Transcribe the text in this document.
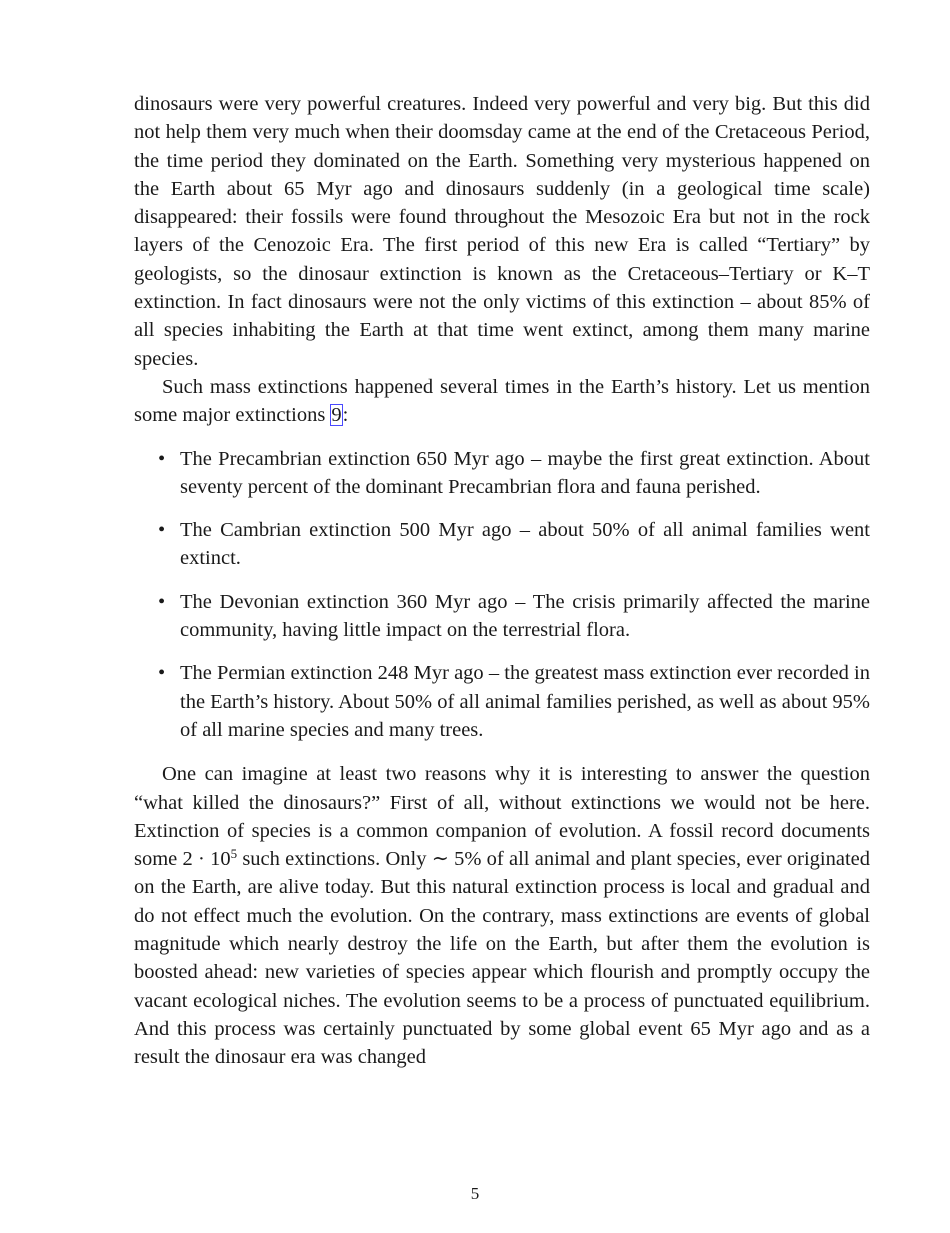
dinosaurs were very powerful creatures. Indeed very powerful and very big. But this did not help them very much when their doomsday came at the end of the Cretaceous Period, the time period they dominated on the Earth. Something very mysterious happened on the Earth about 65 Myr ago and dinosaurs suddenly (in a geological time scale) disappeared: their fossils were found throughout the Mesozoic Era but not in the rock layers of the Cenozoic Era. The first period of this new Era is called “Tertiary” by geologists, so the dinosaur extinction is known as the Cretaceous–Tertiary or K–T extinction. In fact dinosaurs were not the only victims of this extinction – about 85% of all species inhabiting the Earth at that time went extinct, among them many marine species.

Such mass extinctions happened several times in the Earth’s history. Let us mention some major extinctions 9:

• The Precambrian extinction 650 Myr ago – maybe the first great extinction. About seventy percent of the dominant Precambrian flora and fauna perished.
• The Cambrian extinction 500 Myr ago – about 50% of all animal families went extinct.
• The Devonian extinction 360 Myr ago – The crisis primarily affected the marine community, having little impact on the terrestrial flora.
• The Permian extinction 248 Myr ago – the greatest mass extinction ever recorded in the Earth’s history. About 50% of all animal families perished, as well as about 95% of all marine species and many trees.

One can imagine at least two reasons why it is interesting to answer the question “what killed the dinosaurs?” First of all, without extinctions we would not be here. Extinction of species is a common companion of evolution. A fossil record documents some $2 \cdot 10^5$ such extinctions. Only ∼ 5% of all animal and plant species, ever originated on the Earth, are alive today. But this natural extinction process is local and gradual and do not effect much the evolution. On the contrary, mass extinctions are events of global magnitude which nearly destroy the life on the Earth, but after them the evolution is boosted ahead: new varieties of species appear which flourish and promptly occupy the vacant ecological niches. The evolution seems to be a process of punctuated equilibrium. And this process was certainly punctuated by some global event 65 Myr ago and as a result the dinosaur era was changed

5
